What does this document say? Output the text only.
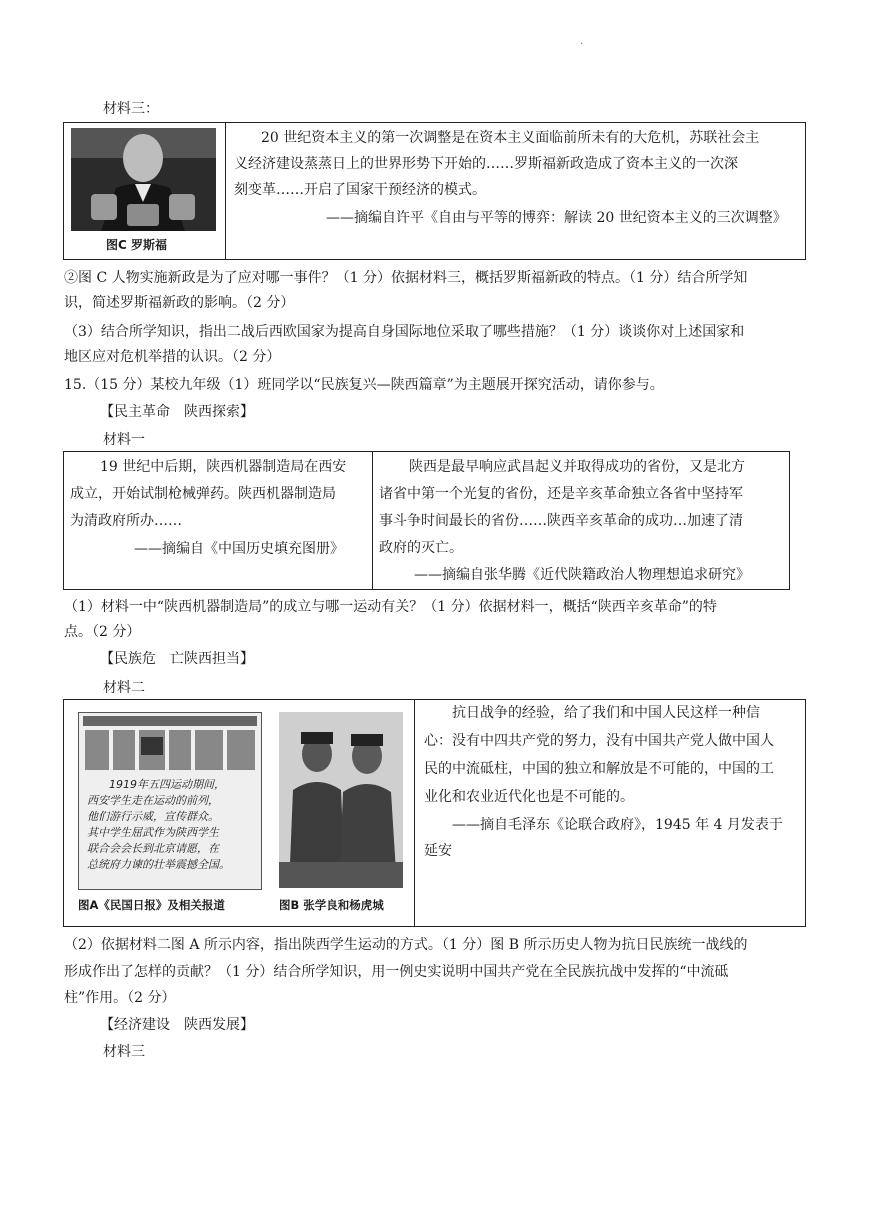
.
材料三：
图C 罗斯福
20 世纪资本主义的第一次调整是在资本主义面临前所未有的大危机，苏联社会主
义经济建设蒸蒸日上的世界形势下开始的……罗斯福新政造成了资本主义的一次深
刻变革……开启了国家干预经济的模式。
——摘编自许平《自由与平等的博弈：解读 20 世纪资本主义的三次调整》
②图 C 人物实施新政是为了应对哪一事件？（1 分）依据材料三，概括罗斯福新政的特点。（1 分）结合所学知
识，简述罗斯福新政的影响。（2 分）
（3）结合所学知识，指出二战后西欧国家为提高自身国际地位采取了哪些措施？（1 分）谈谈你对上述国家和
地区应对危机举措的认识。（2 分）
15.（15 分）某校九年级（1）班同学以“民族复兴—陕西篇章”为主题展开探究活动，请你参与。
【民主革命　陕西探索】
材料一
19 世纪中后期，陕西机器制造局在西安
成立，开始试制枪械弹药。陕西机器制造局
为清政府所办……
——摘编自《中国历史填充图册》
陕西是最早响应武昌起义并取得成功的省份，又是北方
诸省中第一个光复的省份，还是辛亥革命独立各省中坚持军
事斗争时间最长的省份……陕西辛亥革命的成功…加速了清
政府的灭亡。
——摘编自张华腾《近代陕籍政治人物理想追求研究》
（1）材料一中“陕西机器制造局”的成立与哪一运动有关？（1 分）依据材料一，概括“陕西辛亥革命”的特
点。（2 分）
【民族危　亡陕西担当】
材料二
1919年五四运动期间，
西安学生走在运动的前列，
他们游行示威，宣传群众。
其中学生屈武作为陕西学生
联合会会长到北京请愿，在
总统府力谏的壮举震撼全国。
图A《民国日报》及相关报道	图B 张学良和杨虎城
抗日战争的经验，给了我们和中国人民这样一种信
心：没有中四共产党的努力，没有中国共产党人做中国人
民的中流砥柱，中国的独立和解放是不可能的，中国的工
业化和农业近代化也是不可能的。
　　——摘自毛泽东《论联合政府》，1945 年 4 月发表于
延安
（2）依据材料二图 A 所示内容，指出陕西学生运动的方式。（1 分）图 B 所示历史人物为抗日民族统一战线的
形成作出了怎样的贡献？（1 分）结合所学知识，用一例史实说明中国共产党在全民族抗战中发挥的“中流砥
柱”作用。（2 分）
【经济建设　陕西发展】
材料三
